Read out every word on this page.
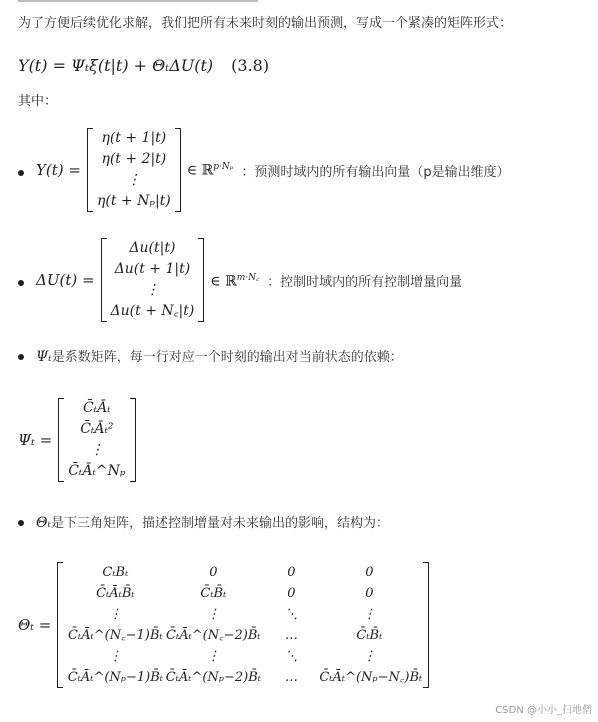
为了方便后续优化求解，我们把所有未来时刻的输出预测，写成一个紧凑的矩阵形式：
Y(t) = Ψₜξ(t|t) + ΘₜΔU(t) (3.8)
其中：
Y(t) =
η(t + 1|t)
η(t + 2|t)
⋮
η(t + Nₚ|t)
∈ ℝ$^{p\cdot N_p}$ ：预测时域内的所有输出向量（p是输出维度）
ΔU(t) =
Δu(t|t)
Δu(t + 1|t)
⋮
Δu(t + N꜀|t)
∈ ℝ$^{m\cdot N꜀}$ ：控制时域内的所有控制增量向量
Ψₜ是系数矩阵，每一行对应一个时刻的输出对当前状态的依赖：
Ψₜ =
C̄ₜĀₜ
C̄ₜĀₜ²
⋮
C̄ₜĀₜ^Nₚ
Θₜ是下三角矩阵，描述控制增量对未来输出的影响，结构为：
Θₜ =
CₜBₜ	0	0	0
C̄ₜĀₜB̄ₜ	C̄ₜB̄ₜ	0	0
⋮	⋮	⋱	⋮
C̄ₜĀₜ^(N꜀−1)B̄ₜ C̄ₜĀₜ^(N꜀−2)B̄ₜ	…	C̄ₜB̄ₜ
⋮	⋮	⋱	⋮
C̄ₜĀₜ^(Nₚ−1)B̄ₜ C̄ₜĀₜ^(Nₚ−2)B̄ₜ	…	C̄ₜĀₜ^(Nₚ−N꜀)B̄ₜ
CSDN @小小_扫地僧
